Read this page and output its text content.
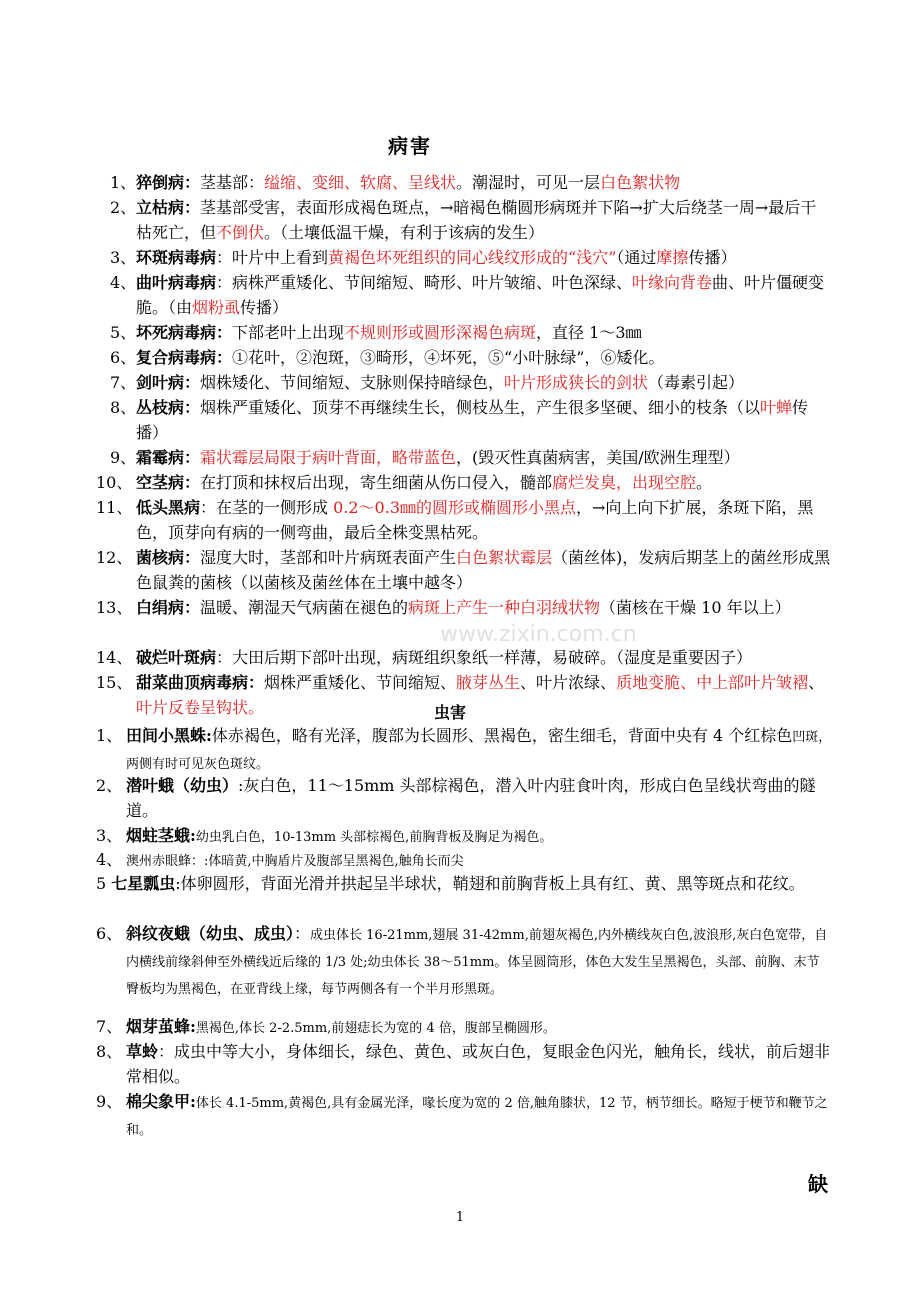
病害
1、 猝倒病：茎基部：缢缩、变细、软腐、呈线状。潮湿时，可见一层白色絮状物
2、 立枯病：茎基部受害，表面形成褐色斑点，→暗褐色椭圆形病斑并下陷→扩大后绕茎一周→最后干枯死亡，但不倒伏。（土壤低温干燥，有利于该病的发生）
3、 环斑病毒病：叶片中上看到黄褐色坏死组织的同心线纹形成的“浅穴”（通过摩擦传播）
4、 曲叶病毒病：病株严重矮化、节间缩短、畸形、叶片皱缩、叶色深绿、叶缘向背卷曲、叶片僵硬变脆。（由烟粉虱传播）
5、 坏死病毒病：下部老叶上出现不规则形或圆形深褐色病斑，直径 1～3㎜
6、 复合病毒病：①花叶，②泡斑，③畸形，④坏死，⑤“小叶脉绿”，⑥矮化。
7、 剑叶病：烟株矮化、节间缩短、支脉则保持暗绿色，叶片形成狭长的剑状（毒素引起）
8、 丛枝病：烟株严重矮化、顶芽不再继续生长，侧枝丛生，产生很多坚硬、细小的枝条（以叶蝉传播）
9、 霜霉病：霜状霉层局限于病叶背面，略带蓝色，(毁灭性真菌病害，美国/欧洲生理型）
10、 空茎病：在打顶和抹杈后出现，寄生细菌从伤口侵入，髓部腐烂发臭，出现空腔。
11、 低头黑病：在茎的一侧形成 0.2～0.3㎜的圆形或椭圆形小黑点，→向上向下扩展，条斑下陷，黑色，顶芽向有病的一侧弯曲，最后全株变黑枯死。
12、 菌核病：湿度大时，茎部和叶片病斑表面产生白色絮状霉层（菌丝体)，发病后期茎上的菌丝形成黑色鼠粪的菌核（以菌核及菌丝体在土壤中越冬）
13、 白绢病：温暖、潮湿天气病菌在褪色的病斑上产生一种白羽绒状物（菌核在干燥 10 年以上）
14、 破烂叶斑病：大田后期下部叶出现，病斑组织象纸一样薄，易破碎。（湿度是重要因子）
15、 甜菜曲顶病毒病：烟株严重矮化、节间缩短、腋芽丛生、叶片浓绿、质地变脆、中上部叶片皱褶、叶片反卷呈钩状。	虫害
1、 田间小黑蛛:体赤褐色，略有光泽，腹部为长圆形、黑褐色，密生细毛，背面中央有 4 个红棕色凹斑，两侧有时可见灰色斑纹。
2、 潜叶蛾（幼虫）:灰白色，11～15mm 头部棕褐色，潜入叶内驻食叶肉，形成白色呈线状弯曲的隧道。
3、 烟蛀茎蛾:幼虫乳白色，10-13mm 头部棕褐色,前胸背板及胸足为褐色。
4、 澳州赤眼蜂：:体暗黄,中胸盾片及腹部呈黑褐色,触角长而尖
5 七星瓢虫:体卵圆形，背面光滑并拱起呈半球状，鞘翅和前胸背板上具有红、黄、黑等斑点和花纹。
6、 斜纹夜蛾（幼虫、成虫）：成虫体长 16-21mm,翅展 31-42mm,前翅灰褐色,内外横线灰白色,波浪形,灰白色宽带，自内横线前缘斜伸至外横线近后缘的 1/3 处;幼虫体长 38～51mm。体呈圆筒形，体色大发生呈黑褐色，头部、前胸、末节臀板均为黑褐色，在亚背线上缘，每节两侧各有一个半月形黑斑。
7、 烟芽茧蜂:黑褐色,体长 2-2.5mm,前翅痣长为宽的 4 倍，腹部呈椭圆形。
8、 草蛉：成虫中等大小，身体细长，绿色、黄色、或灰白色，复眼金色闪光，触角长，线状，前后翅非常相似。
9、 棉尖象甲:体长 4.1-5mm,黄褐色,具有金属光泽，喙长度为宽的 2 倍,触角膝状，12 节，柄节细长。略短于梗节和鞭节之和。
www.zixin.com.cn
缺
1
